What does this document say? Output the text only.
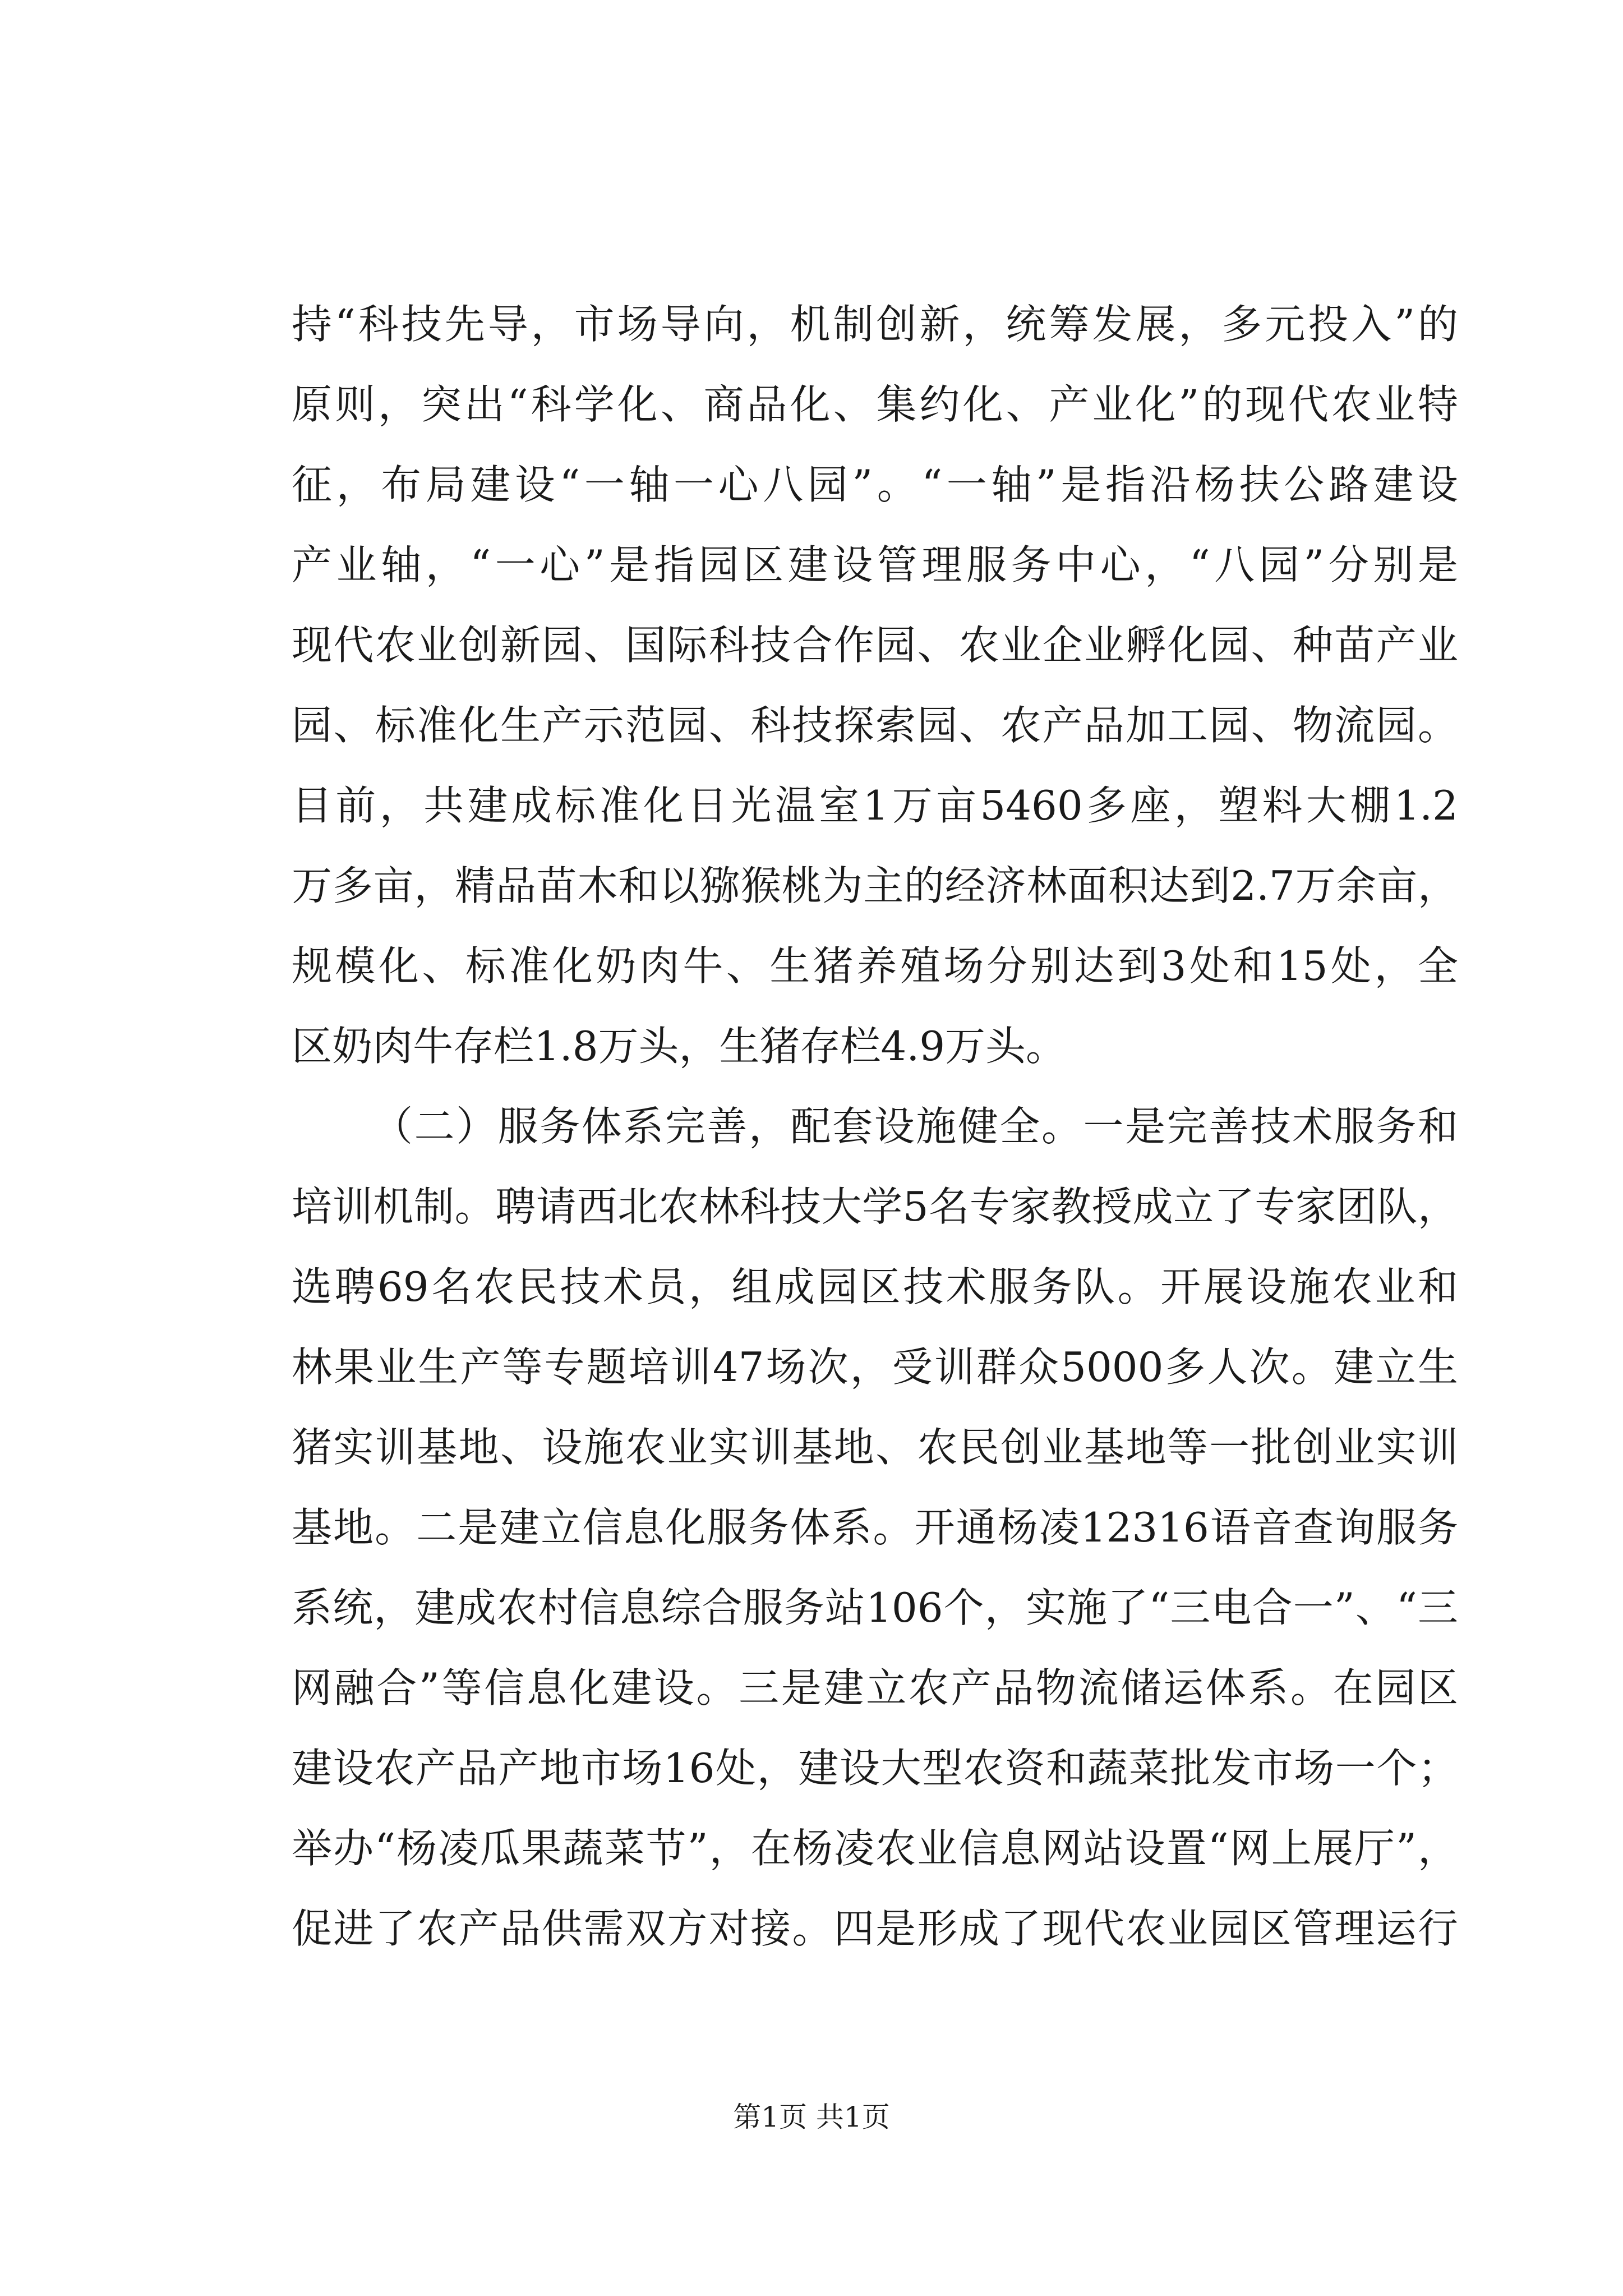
持“科技先导，市场导向，机制创新，统筹发展，多元投入”的
原则，突出“科学化、商品化、集约化、产业化”的现代农业特
征，布局建设“一轴一心八园”。“一轴”是指沿杨扶公路建设
产业轴，“一心”是指园区建设管理服务中心，“八园”分别是
现代农业创新园、国际科技合作园、农业企业孵化园、种苗产业
园、标准化生产示范园、科技探索园、农产品加工园、物流园。
目前，共建成标准化日光温室1万亩5460多座，塑料大棚1.2
万多亩，精品苗木和以猕猴桃为主的经济林面积达到2.7万余亩，
规模化、标准化奶肉牛、生猪养殖场分别达到3处和15处，全
区奶肉牛存栏1.8万头，生猪存栏4.9万头。
（二）服务体系完善，配套设施健全。一是完善技术服务和
培训机制。聘请西北农林科技大学5名专家教授成立了专家团队，
选聘69名农民技术员，组成园区技术服务队。开展设施农业和
林果业生产等专题培训47场次，受训群众5000多人次。建立生
猪实训基地、设施农业实训基地、农民创业基地等一批创业实训
基地。二是建立信息化服务体系。开通杨凌12316语音查询服务
系统，建成农村信息综合服务站106个，实施了“三电合一”、“三
网融合”等信息化建设。三是建立农产品物流储运体系。在园区
建设农产品产地市场16处，建设大型农资和蔬菜批发市场一个；
举办“杨凌瓜果蔬菜节”，在杨凌农业信息网站设置“网上展厅”，
促进了农产品供需双方对接。四是形成了现代农业园区管理运行
第1页 共1页
